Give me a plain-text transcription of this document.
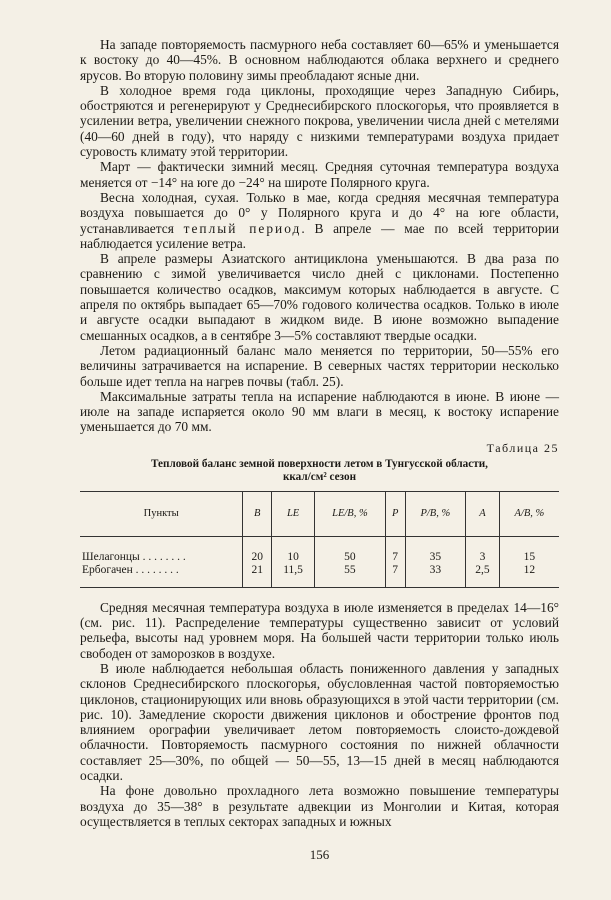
На западе повторяемость пасмурного неба составляет 60—65% и уменьшается к востоку до 40—45%. В основном наблюдаются облака верхнего и среднего ярусов. Во вторую половину зимы преобладают ясные дни.

В холодное время года циклоны, проходящие через Западную Сибирь, обостряются и регенерируют у Среднесибирского плоскогорья, что проявляется в усилении ветра, увеличении снежного покрова, увеличении числа дней с метелями (40—60 дней в году), что наряду с низкими температурами воздуха придает суровость климату этой территории.

Март — фактически зимний месяц. Средняя суточная температура воздуха меняется от −14° на юге до −24° на широте Полярного круга.

Весна холодная, сухая. Только в мае, когда средняя месячная температура воздуха повышается до 0° у Полярного круга и до 4° на юге области, устанавливается теплый период. В апреле — мае по всей территории наблюдается усиление ветра.

В апреле размеры Азиатского антициклона уменьшаются. В два раза по сравнению с зимой увеличивается число дней с циклонами. Постепенно повышается количество осадков, максимум которых наблюдается в августе. С апреля по октябрь выпадает 65—70% годового количества осадков. Только в июле и августе осадки выпадают в жидком виде. В июне возможно выпадение смешанных осадков, а в сентябре 3—5% составляют твердые осадки.

Летом радиационный баланс мало меняется по территории, 50—55% его величины затрачивается на испарение. В северных частях территории несколько больше идет тепла на нагрев почвы (табл. 25).

Максимальные затраты тепла на испарение наблюдаются в июне. В июне — июле на западе испаряется около 90 мм влаги в месяц, к востоку испарение уменьшается до 70 мм.

Таблица 25
Тепловой баланс земной поверхности летом в Тунгусской области,
ккал/см² сезон
Пункты	B	LE	LE/B, %	P	P/B, %	A	A/B, %

Шелагонцы . . . . . . . .	20	10	50	7	35	3	15
Ербогачен . . . . . . . .	21	11,5	55	7	33	2,5	12

Средняя месячная температура воздуха в июле изменяется в пределах 14—16° (см. рис. 11). Распределение температуры существенно зависит от условий рельефа, высоты над уровнем моря. На большей части территории только июль свободен от заморозков в воздухе.

В июле наблюдается небольшая область пониженного давления у западных склонов Среднесибирского плоскогорья, обусловленная частой повторяемостью циклонов, стационирующих или вновь образующихся в этой части территории (см. рис. 10). Замедление скорости движения циклонов и обострение фронтов под влиянием орографии увеличивает летом повторяемость слоисто-дождевой облачности. Повторяемость пасмурного состояния по нижней облачности составляет 25—30%, по общей — 50—55, 13—15 дней в месяц наблюдаются осадки.

На фоне довольно прохладного лета возможно повышение температуры воздуха до 35—38° в результате адвекции из Монголии и Китая, которая осуществляется в теплых секторах западных и южных

156
